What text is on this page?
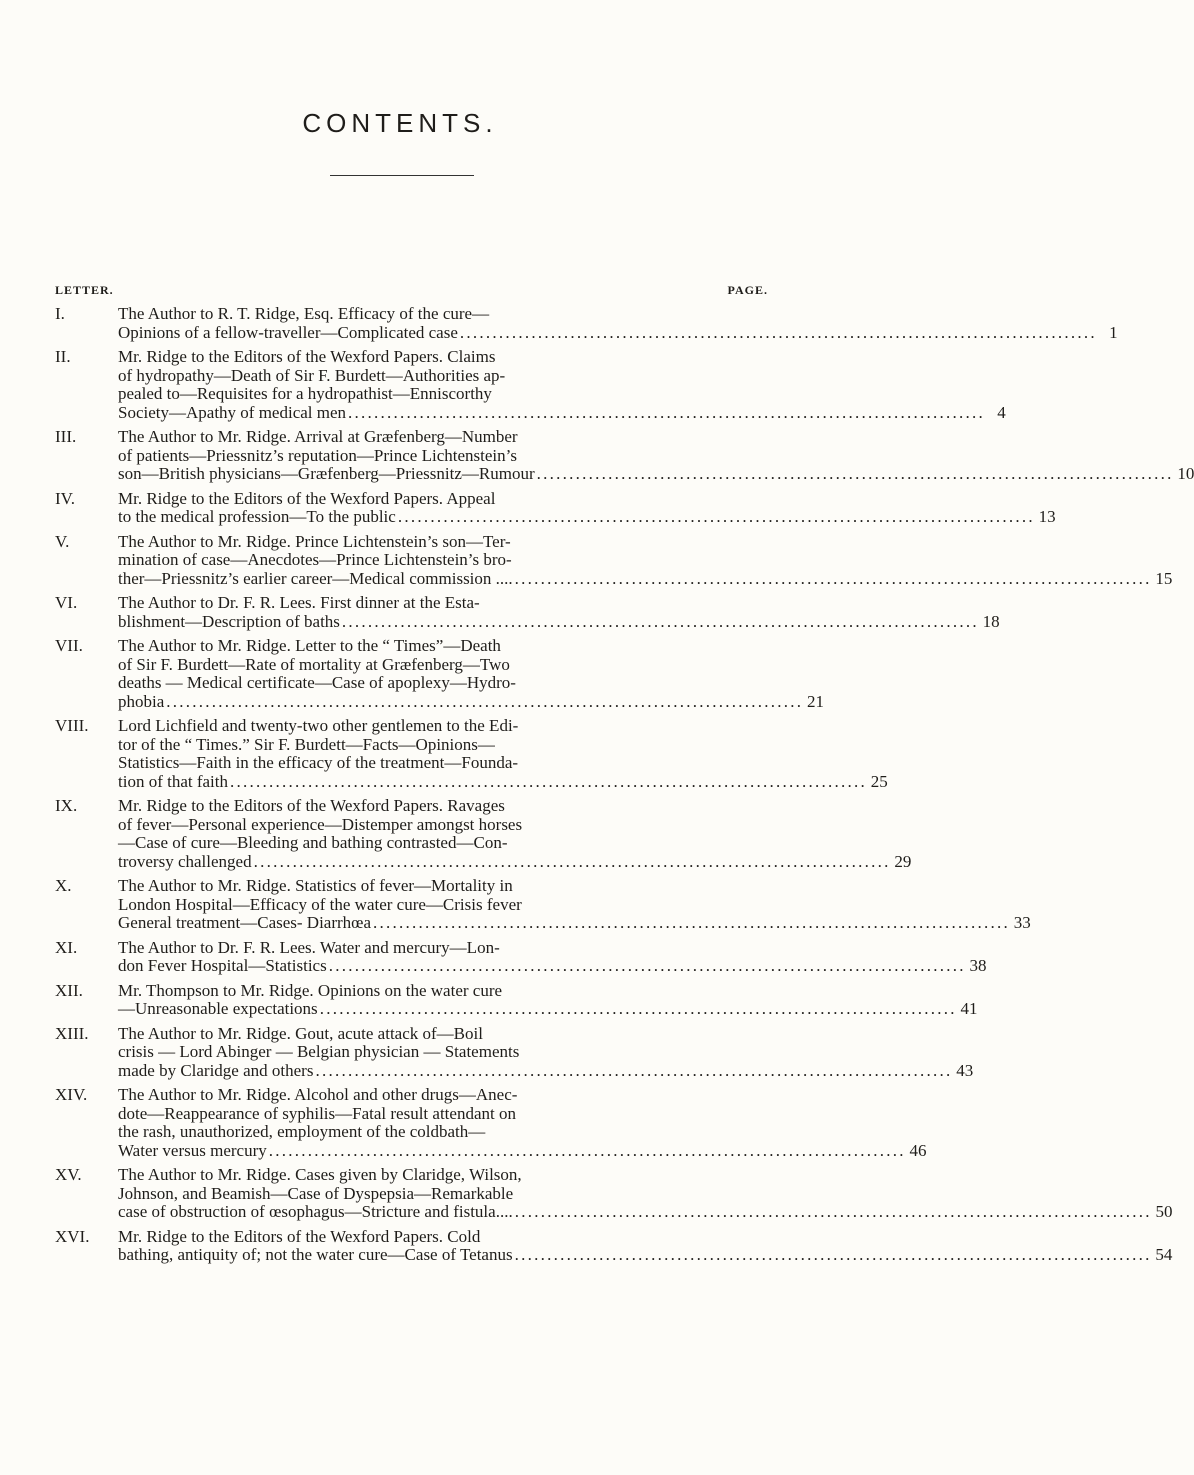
CONTENTS.
LETTER.	PAGE.
I.	The Author to R. T. Ridge, Esq. Efficacy of the cure—
Opinions of a fellow-traveller—Complicated case . . .	1
II.	Mr. Ridge to the Editors of the Wexford Papers. Claims
of hydropathy—Death of Sir F. Burdett—Authorities ap-
pealed to—Requisites for a hydropathist—Enniscorthy
Society—Apathy of medical men . . .	4
III.	The Author to Mr. Ridge. Arrival at Græfenberg—Number
of patients—Priessnitz’s reputation—Prince Lichtenstein’s
son—British physicians—Græfenberg—Priessnitz—Rumour . . .	10
IV.	Mr. Ridge to the Editors of the Wexford Papers. Appeal
to the medical profession—To the public . . .	13
V.	The Author to Mr. Ridge. Prince Lichtenstein’s son—Ter-
mination of case—Anecdotes—Prince Lichtenstein’s bro-
ther—Priessnitz’s earlier career—Medical commission .... . . .	15
VI.	The Author to Dr. F. R. Lees. First dinner at the Esta-
blishment—Description of baths . . .	18
VII.	The Author to Mr. Ridge. Letter to the “ Times”—Death
of Sir F. Burdett—Rate of mortality at Græfenberg—Two
deaths — Medical certificate—Case of apoplexy—Hydro-
phobia . . .	21
VIII.	Lord Lichfield and twenty-two other gentlemen to the Edi-
tor of the “ Times.” Sir F. Burdett—Facts—Opinions—
Statistics—Faith in the efficacy of the treatment—Founda-
tion of that faith . . .	25
IX.	Mr. Ridge to the Editors of the Wexford Papers. Ravages
of fever—Personal experience—Distemper amongst horses
—Case of cure—Bleeding and bathing contrasted—Con-
troversy challenged . . .	29
X.	The Author to Mr. Ridge. Statistics of fever—Mortality in
London Hospital—Efficacy of the water cure—Crisis fever
General treatment—Cases- Diarrhœa . . .	33
XI.	The Author to Dr. F. R. Lees. Water and mercury—Lon-
don Fever Hospital—Statistics . . .	38
XII.	Mr. Thompson to Mr. Ridge. Opinions on the water cure
—Unreasonable expectations . . .	41
XIII.	The Author to Mr. Ridge. Gout, acute attack of—Boil
crisis — Lord Abinger — Belgian physician — Statements
made by Claridge and others . . .	43
XIV.	The Author to Mr. Ridge. Alcohol and other drugs—Anec-
dote—Reappearance of syphilis—Fatal result attendant on
the rash, unauthorized, employment of the coldbath—
Water versus mercury . . .	46
XV.	The Author to Mr. Ridge. Cases given by Claridge, Wilson,
Johnson, and Beamish—Case of Dyspepsia—Remarkable
case of obstruction of œsophagus—Stricture and fistula.... . . .	50
XVI.	Mr. Ridge to the Editors of the Wexford Papers. Cold
bathing, antiquity of; not the water cure—Case of Tetanus . . .	54
